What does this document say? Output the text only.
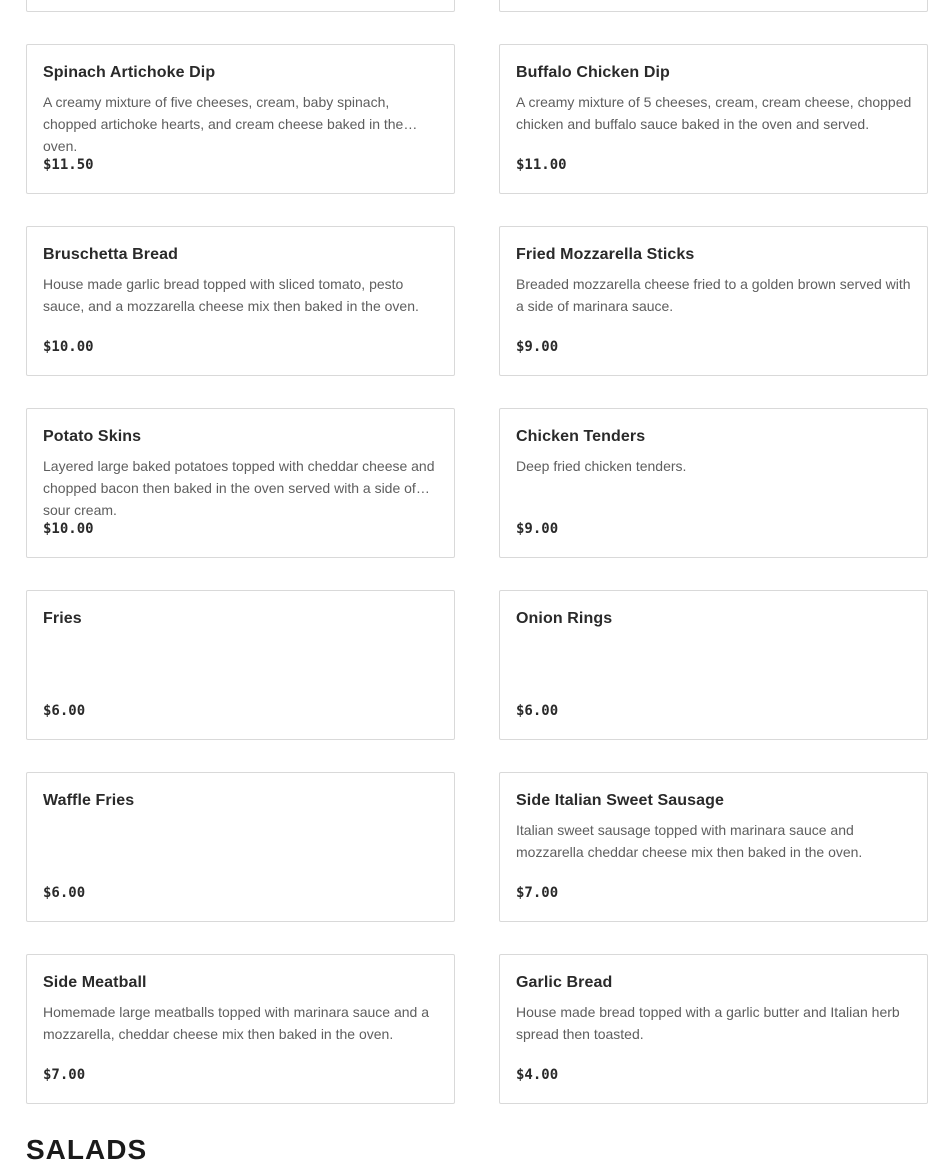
Spinach Artichoke Dip
A creamy mixture of five cheeses, cream, baby spinach, chopped artichoke hearts, and cream cheese baked in the oven.
$11.50
Buffalo Chicken Dip
A creamy mixture of 5 cheeses, cream, cream cheese, chopped chicken and buffalo sauce baked in the oven and served.
$11.00
Bruschetta Bread
House made garlic bread topped with sliced tomato, pesto sauce, and a mozzarella cheese mix then baked in the oven.
$10.00
Fried Mozzarella Sticks
Breaded mozzarella cheese fried to a golden brown served with a side of marinara sauce.
$9.00
Potato Skins
Layered large baked potatoes topped with cheddar cheese and chopped bacon then baked in the oven served with a side of sour cream.
$10.00
Chicken Tenders
Deep fried chicken tenders.
$9.00
Fries
$6.00
Onion Rings
$6.00
Waffle Fries
$6.00
Side Italian Sweet Sausage
Italian sweet sausage topped with marinara sauce and mozzarella cheddar cheese mix then baked in the oven.
$7.00
Side Meatball
Homemade large meatballs topped with marinara sauce and a mozzarella, cheddar cheese mix then baked in the oven.
$7.00
Garlic Bread
House made bread topped with a garlic butter and Italian herb spread then toasted.
$4.00
SALADS
